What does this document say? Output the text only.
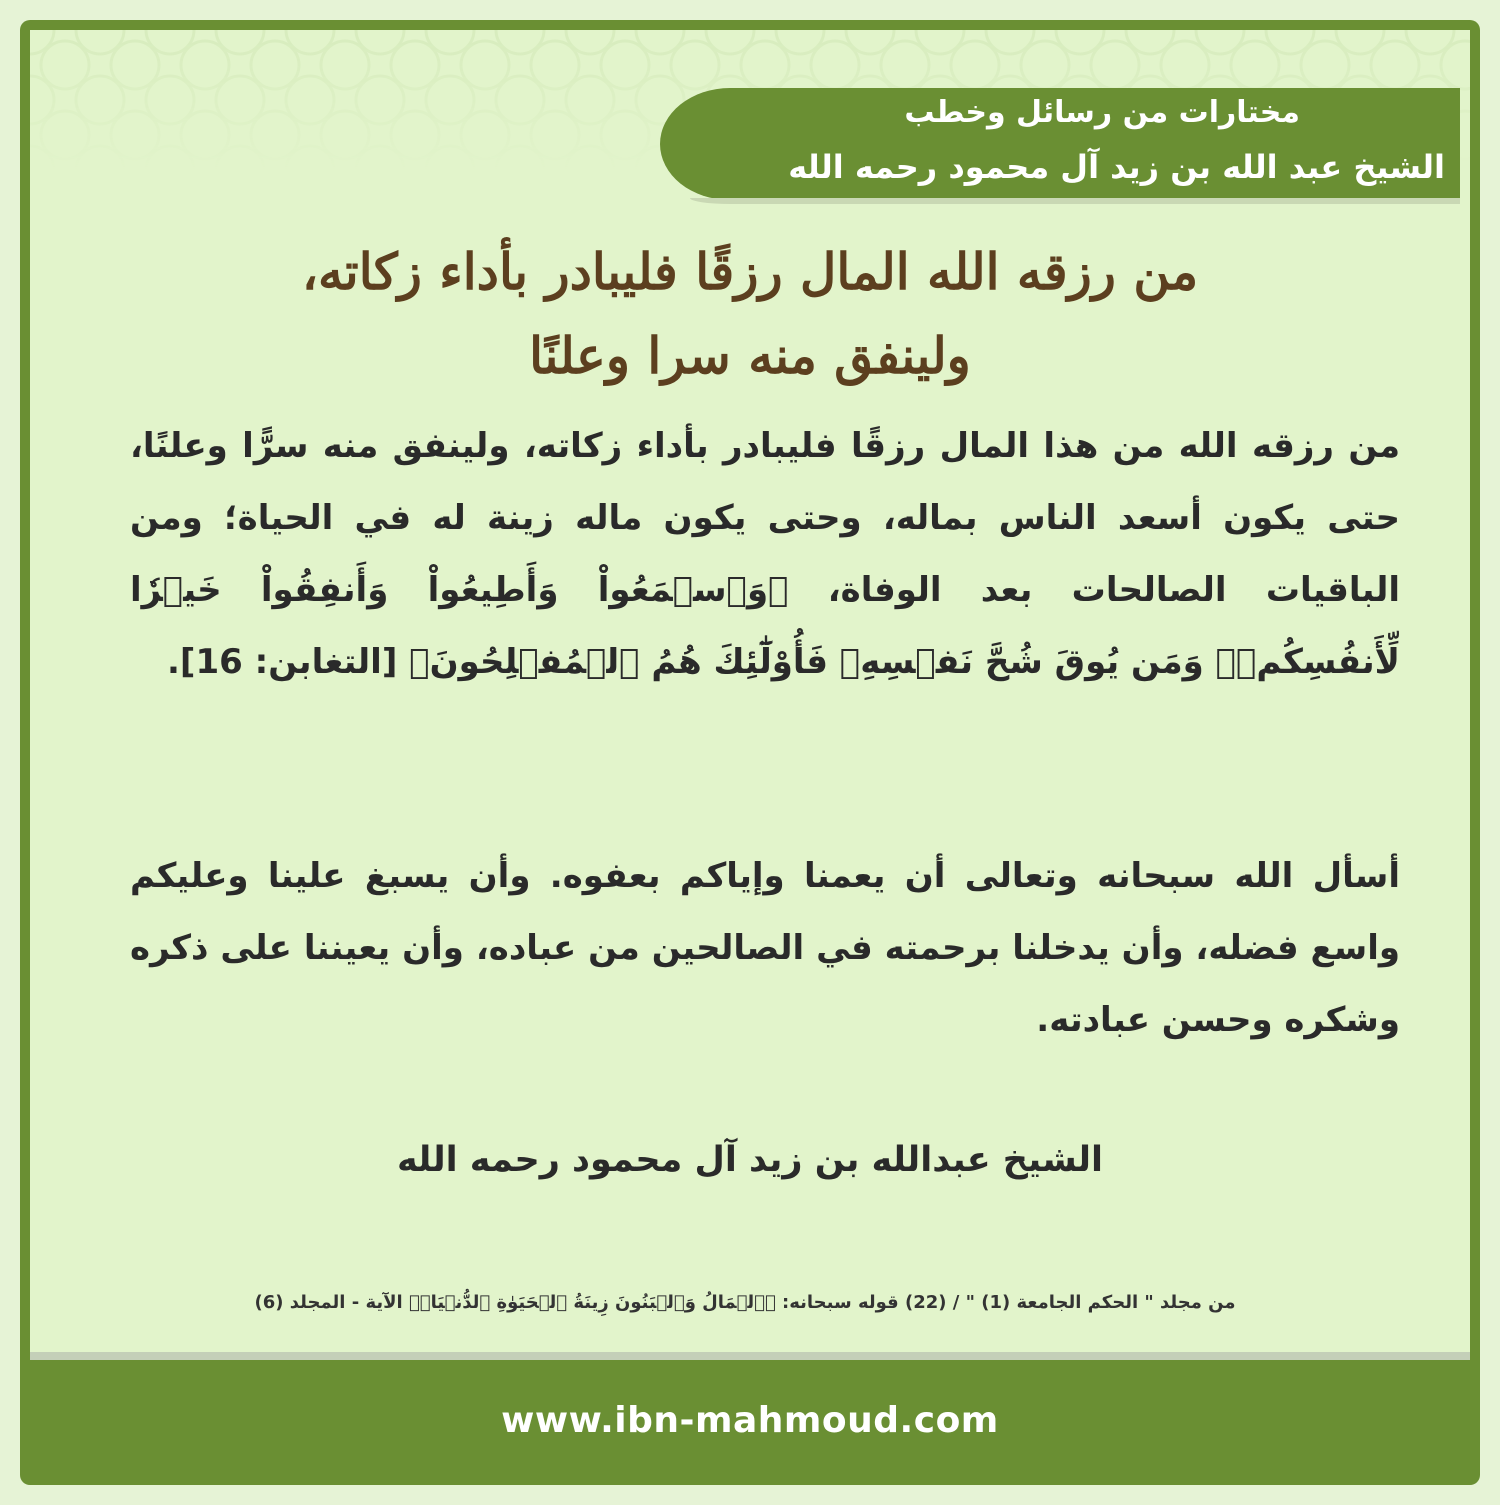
مختارات من رسائل وخطب
الشيخ عبد الله بن زيد آل محمود رحمه الله
من رزقه الله المال رزقًا فليبادر بأداء زكاته،
ولينفق منه سرا وعلنًا
من رزقه الله من هذا المال رزقًا فليبادر بأداء زكاته، ولينفق منه سرًّا وعلنًا، حتى يكون أسعد الناس بماله، وحتى يكون ماله زينة له في الحياة؛ ومن الباقيات الصالحات بعد الوفاة، ﴿وَٱسۡمَعُواْ وَأَطِيعُواْ وَأَنفِقُواْ خَيۡرٗا لِّأَنفُسِكُمۡۗ وَمَن يُوقَ شُحَّ نَفۡسِهِۦ فَأُوْلَٰٓئِكَ هُمُ ٱلۡمُفۡلِحُونَ﴾ [التغابن: 16].
أسأل الله سبحانه وتعالى أن يعمنا وإياكم بعفوه. وأن يسبغ علينا وعليكم واسع فضله، وأن يدخلنا برحمته في الصالحين من عباده، وأن يعيننا على ذكره وشكره وحسن عبادته.
الشيخ عبدالله بن زيد آل محمود رحمه الله
من مجلد " الحكم الجامعة (1) " / (22) قوله سبحانه: ﴿ٱلۡمَالُ وَٱلۡبَنُونَ زِينَةُ ٱلۡحَيَوٰةِ ٱلدُّنۡيَاۖ﴾ الآية - المجلد (6)
www.ibn-mahmoud.com
